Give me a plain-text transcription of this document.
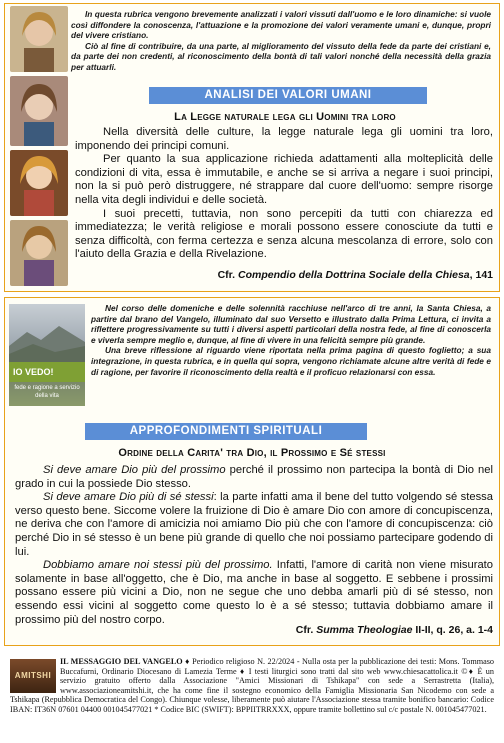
In questa rubrica vengono brevemente analizzati i valori vissuti dall'uomo e le loro dinamiche: si vuole così diffondere la conoscenza, l'attuazione e la promozione dei valori veramente umani e, dunque, propri del vivere cristiano.

Ciò al fine di contribuire, da una parte, al miglioramento del vissuto della fede da parte dei cristiani e, da parte dei non credenti, al riconoscimento della bontà di tali valori nonché della necessità della grazia per attuarli.

ANALISI DEI VALORI UMANI
La Legge naturale lega gli Uomini tra loro

Nella diversità delle culture, la legge naturale lega gli uomini tra loro, imponendo dei principi comuni.

Per quanto la sua applicazione richieda adattamenti alla molteplicità delle condizioni di vita, essa è immutabile, e anche se si arriva a negare i suoi principi, non la si può però distruggere, né strappare dal cuore dell'uomo: sempre risorge nella vita degli individui e delle società.

I suoi precetti, tuttavia, non sono percepiti da tutti con chiarezza ed immediatezza; le verità religiose e morali possono essere conosciute da tutti e senza difficoltà, con ferma certezza e senza alcuna mescolanza di errore, solo con l'aiuto della Grazia e della Rivelazione.

Cfr. Compendio della Dottrina Sociale della Chiesa, 141
IO VEDO!
fede e ragione a servizio della vita

Nel corso delle domeniche e delle solennità racchiuse nell'arco di tre anni, la Santa Chiesa, a partire dal brano del Vangelo, illuminato dal suo Versetto e illustrato dalla Prima Lettura, ci invita a riflettere progressivamente su tutti i diversi aspetti particolari della nostra fede, al fine di conoscerla e viverla sempre meglio e, dunque, al fine di vivere in una felicità sempre più grande.

Una breve riflessione al riguardo viene riportata nella prima pagina di questo foglietto; a sua integrazione, in questa rubrica, e in quella qui sopra, vengono richiamate alcune altre verità di fede e di ragione, per favorire il riconoscimento della realtà e il proficuo relazionarsi con essa.

APPROFONDIMENTI SPIRITUALI
Ordine della Carita' tra Dio, il Prossimo e Sé stessi

Si deve amare Dio più del prossimo perché il prossimo non partecipa la bontà di Dio nel grado in cui la possiede Dio stesso.

Si deve amare Dio più di sé stessi: la parte infatti ama il bene del tutto volgendo sé stessa verso questo bene. Siccome volere la fruizione di Dio è amare Dio con amore di concupiscenza, ne deriva che con l'amore di amicizia noi amiamo Dio più che con l'amore di concupiscenza: ciò perché Dio in sé stesso è un bene più grande di quello che noi possiamo partecipare godendo di lui.

Dobbiamo amare noi stessi più del prossimo. Infatti, l'amore di carità non viene misurato solamente in base all'oggetto, che è Dio, ma anche in base al soggetto. E sebbene i prossimi possano essere più vicini a Dio, non ne segue che uno debba amarli più di sé stesso, non essendo essi vicini al soggetto come questo lo è a sé stesso; tuttavia dobbiamo amare il prossimo più del nostro corpo.

Cfr. Summa Theologiae II-II, q. 26, a. 1-4
AMITSHI
IL MESSAGGIO DEL VANGELO ♦ Periodico religioso N. 22/2024 - Nulla osta per la pubblicazione dei testi: Mons. Tommaso Buccafurni, Ordinario Diocesano di Lamezia Terme ♦ I testi liturgici sono tratti dal sito web www.chiesacattolica.it ©♦ È un servizio gratuito offerto dalla Associazione "Amici Missionari di Tshikapa" con sede a Serrastretta (Italia), www.associazioneamitshi.it, che ha come fine il sostegno economico della Famiglia Missionaria San Nicodemo con sede a Tshikapa (Repubblica Democratica del Congo). Chiunque volesse, liberamente può aiutare l'Associazione stessa tramite bonifico bancario: Codice IBAN: IT36N 07601 04400 001045477021 * Codice BIC (SWIFT): BPPIITRRXXX, oppure tramite bollettino sul c/c postale N. 001045477021.
